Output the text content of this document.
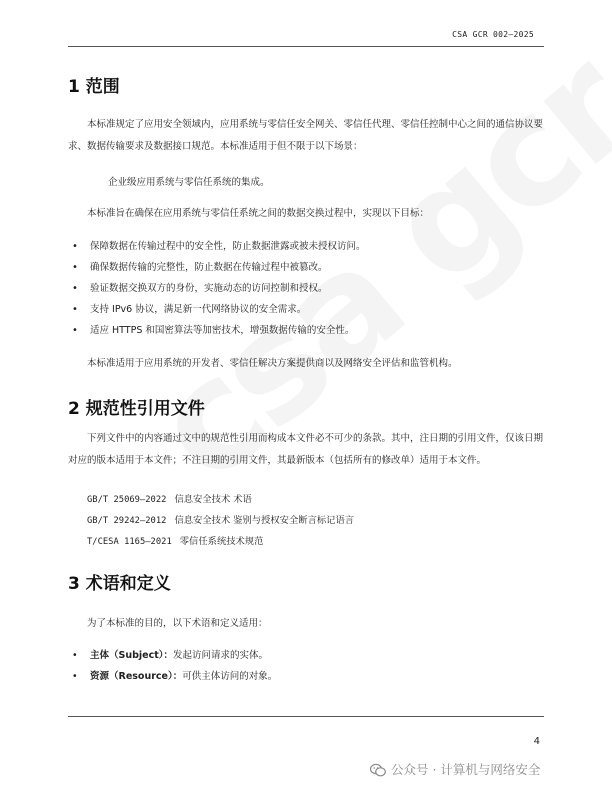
CSA GCR 002—2025
1 范围

本标准规定了应用安全领域内，应用系统与零信任安全网关、零信任代理、零信任控制中心之间的通信协议要求、数据传输要求及数据接口规范。本标准适用于但不限于以下场景：

企业级应用系统与零信任系统的集成。

本标准旨在确保在应用系统与零信任系统之间的数据交换过程中，实现以下目标：

• 保障数据在传输过程中的安全性，防止数据泄露或被未授权访问。
• 确保数据传输的完整性，防止数据在传输过程中被篡改。
• 验证数据交换双方的身份，实施动态的访问控制和授权。
• 支持 IPv6 协议，满足新一代网络协议的安全需求。
• 适应 HTTPS 和国密算法等加密技术，增强数据传输的安全性。

本标准适用于应用系统的开发者、零信任解决方案提供商以及网络安全评估和监管机构。

2 规范性引用文件

下列文件中的内容通过文中的规范性引用而构成本文件必不可少的条款。其中，注日期的引用文件，仅该日期对应的版本适用于本文件；不注日期的引用文件，其最新版本（包括所有的修改单）适用于本文件。

GB/T 25069—2022 信息安全技术 术语
GB/T 29242—2012 信息安全技术 鉴别与授权安全断言标记语言
T/CESA 1165—2021 零信任系统技术规范
3 术语和定义

为了本标准的目的，以下术语和定义适用：

• 主体（Subject）：发起访问请求的实体。
• 资源（Resource）：可供主体访问的对象。
4
公众号 · 计算机与网络安全
